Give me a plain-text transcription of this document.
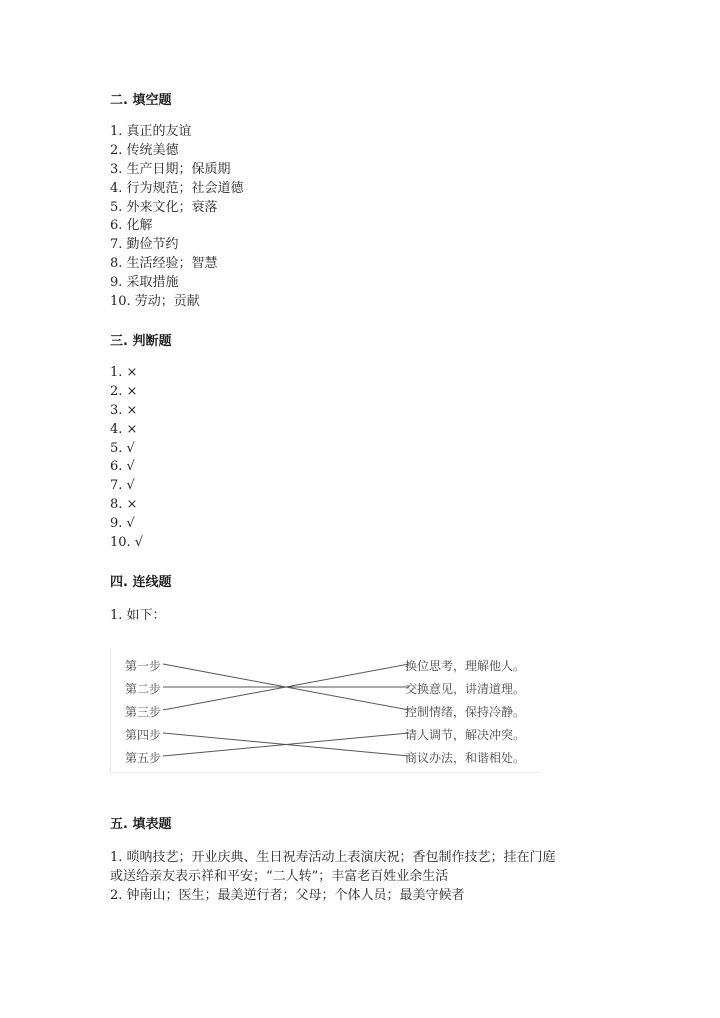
二. 填空题
1. 真正的友谊
2. 传统美德
3. 生产日期；保质期
4. 行为规范；社会道德
5. 外来文化；衰落
6. 化解
7. 勤俭节约
8. 生活经验；智慧
9. 采取措施
10. 劳动；贡献
三. 判断题
1. ×
2. ×
3. ×
4. ×
5. √
6. √
7. √
8. ×
9. √
10. √
四. 连线题
1. 如下：
第一步
第二步
第三步
第四步
第五步
换位思考，理解他人。
交换意见，讲清道理。
控制情绪，保持冷静。
请人调节，解决冲突。
商议办法，和谐相处。
五. 填表题
1. 唢呐技艺；开业庆典、生日祝寿活动上表演庆祝；香包制作技艺；挂在门庭
或送给亲友表示祥和平安；“二人转”；丰富老百姓业余生活
2. 钟南山；医生；最美逆行者；父母；个体人员；最美守候者
